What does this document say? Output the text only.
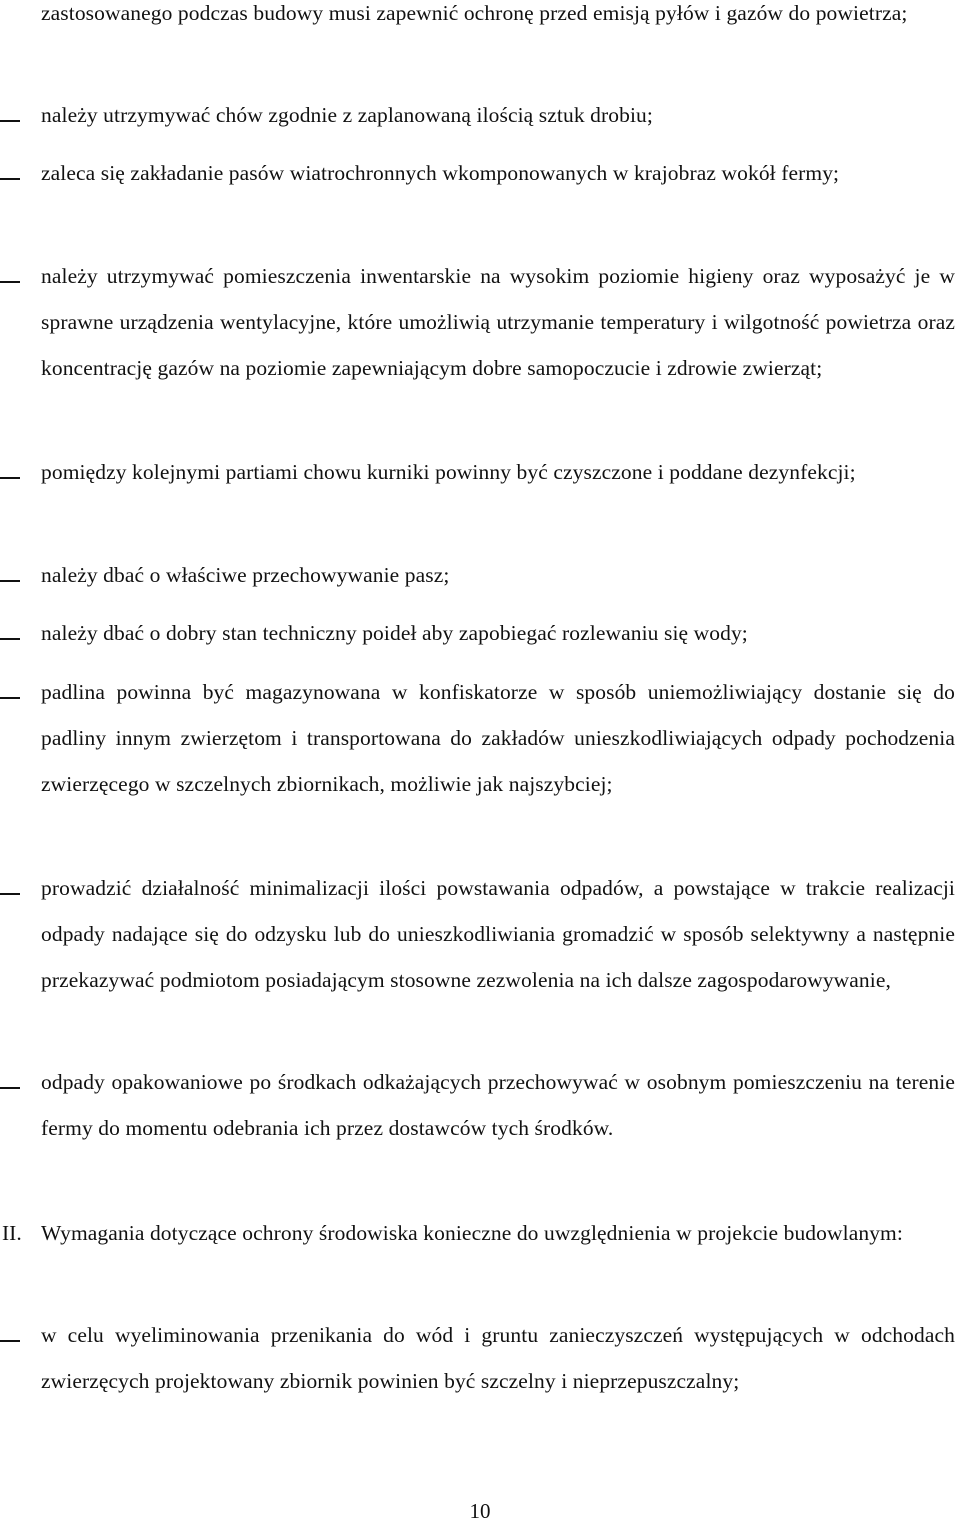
zastosowanego podczas budowy musi zapewnić ochronę przed emisją pyłów i gazów do powietrza;
należy utrzymywać chów zgodnie z zaplanowaną ilością sztuk drobiu;
zaleca się zakładanie pasów wiatrochronnych wkomponowanych w krajobraz wokół fermy;
należy utrzymywać pomieszczenia inwentarskie na wysokim poziomie higieny oraz wyposażyć je w sprawne urządzenia wentylacyjne, które umożliwią utrzymanie temperatury i wilgotność powietrza oraz koncentrację gazów na poziomie zapewniającym dobre samopoczucie i zdrowie zwierząt;
pomiędzy kolejnymi partiami chowu kurniki powinny być czyszczone i poddane dezynfekcji;
należy dbać o właściwe przechowywanie pasz;
należy dbać o dobry stan techniczny poideł aby zapobiegać rozlewaniu się wody;
padlina powinna być magazynowana w konfiskatorze w sposób uniemożliwiający dostanie się do padliny innym zwierzętom i transportowana do zakładów unieszkodliwiających odpady pochodzenia zwierzęcego w szczelnych zbiornikach, możliwie jak najszybciej;
prowadzić działalność minimalizacji ilości powstawania odpadów, a powstające w trakcie realizacji odpady nadające się do odzysku lub do unieszkodliwiania gromadzić w sposób selektywny a następnie przekazywać podmiotom posiadającym stosowne zezwolenia na ich dalsze zagospodarowywanie,
odpady opakowaniowe po środkach odkażających przechowywać w osobnym pomieszczeniu na terenie fermy do momentu odebrania ich przez dostawców tych środków.
II. Wymagania dotyczące ochrony środowiska konieczne do uwzględnienia w projekcie budowlanym:
w celu wyeliminowania przenikania do wód i gruntu zanieczyszczeń występujących w odchodach zwierzęcych projektowany zbiornik powinien być szczelny i nieprzepuszczalny;
10
